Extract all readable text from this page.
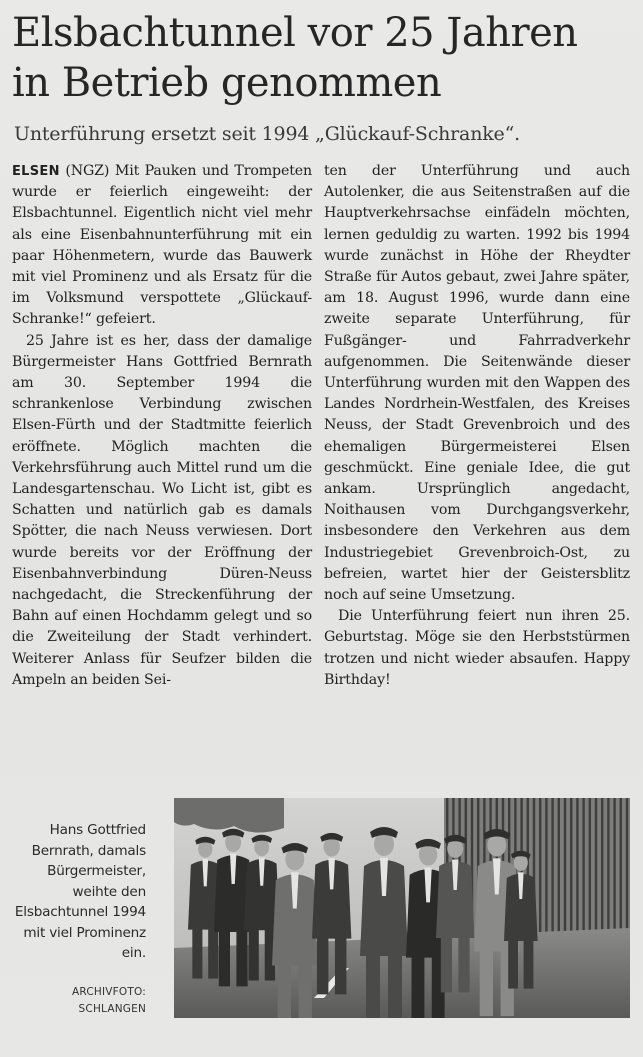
Elsbachtunnel vor 25 Jahren
in Betrieb genommen

Unterführung ersetzt seit 1994 „Glückauf-Schranke“.

ELSEN (NGZ) Mit Pauken und Trompeten wurde er feierlich eingeweiht: der Elsbachtunnel. Eigentlich nicht viel mehr als eine Eisenbahnunterführung mit ein paar Höhenmetern, wurde das Bauwerk mit viel Prominenz und als Ersatz für die im Volksmund verspottete „Glückauf-Schranke!“ gefeiert.

25 Jahre ist es her, dass der damalige Bürgermeister Hans Gottfried Bernrath am 30. September 1994 die schrankenlose Verbindung zwischen Elsen-Fürth und der Stadtmitte feierlich eröffnete. Möglich machten die Verkehrsführung auch Mittel rund um die Landesgartenschau. Wo Licht ist, gibt es Schatten und natürlich gab es damals Spötter, die nach Neuss verwiesen. Dort wurde bereits vor der Eröffnung der Eisenbahnverbindung Düren-Neuss nachgedacht, die Streckenführung der Bahn auf einen Hochdamm gelegt und so die Zweiteilung der Stadt verhindert. Weiterer Anlass für Seufzer bilden die Ampeln an beiden Sei-

ten der Unterführung und auch Autolenker, die aus Seitenstraßen auf die Hauptverkehrsachse einfädeln möchten, lernen geduldig zu warten. 1992 bis 1994 wurde zunächst in Höhe der Rheydter Straße für Autos gebaut, zwei Jahre später, am 18. August 1996, wurde dann eine zweite separate Unterführung, für Fußgänger- und Fahrradverkehr aufgenommen. Die Seitenwände dieser Unterführung wurden mit den Wappen des Landes Nordrhein-Westfalen, des Kreises Neuss, der Stadt Grevenbroich und des ehemaligen Bürgermeisterei Elsen geschmückt. Eine geniale Idee, die gut ankam. Ursprünglich angedacht, Noithausen vom Durchgangsverkehr, insbesondere den Verkehren aus dem Industriegebiet Grevenbroich-Ost, zu befreien, wartet hier der Geistersblitz noch auf seine Umsetzung.

Die Unterführung feiert nun ihren 25. Geburtstag. Möge sie den Herbststürmen trotzen und nicht wieder absaufen. Happy Birthday!

Hans Gottfried Bernrath, damals Bürgermeister, weihte den Elsbachtunnel 1994 mit viel Prominenz ein.
ARCHIVFOTO:
SCHLANGEN
